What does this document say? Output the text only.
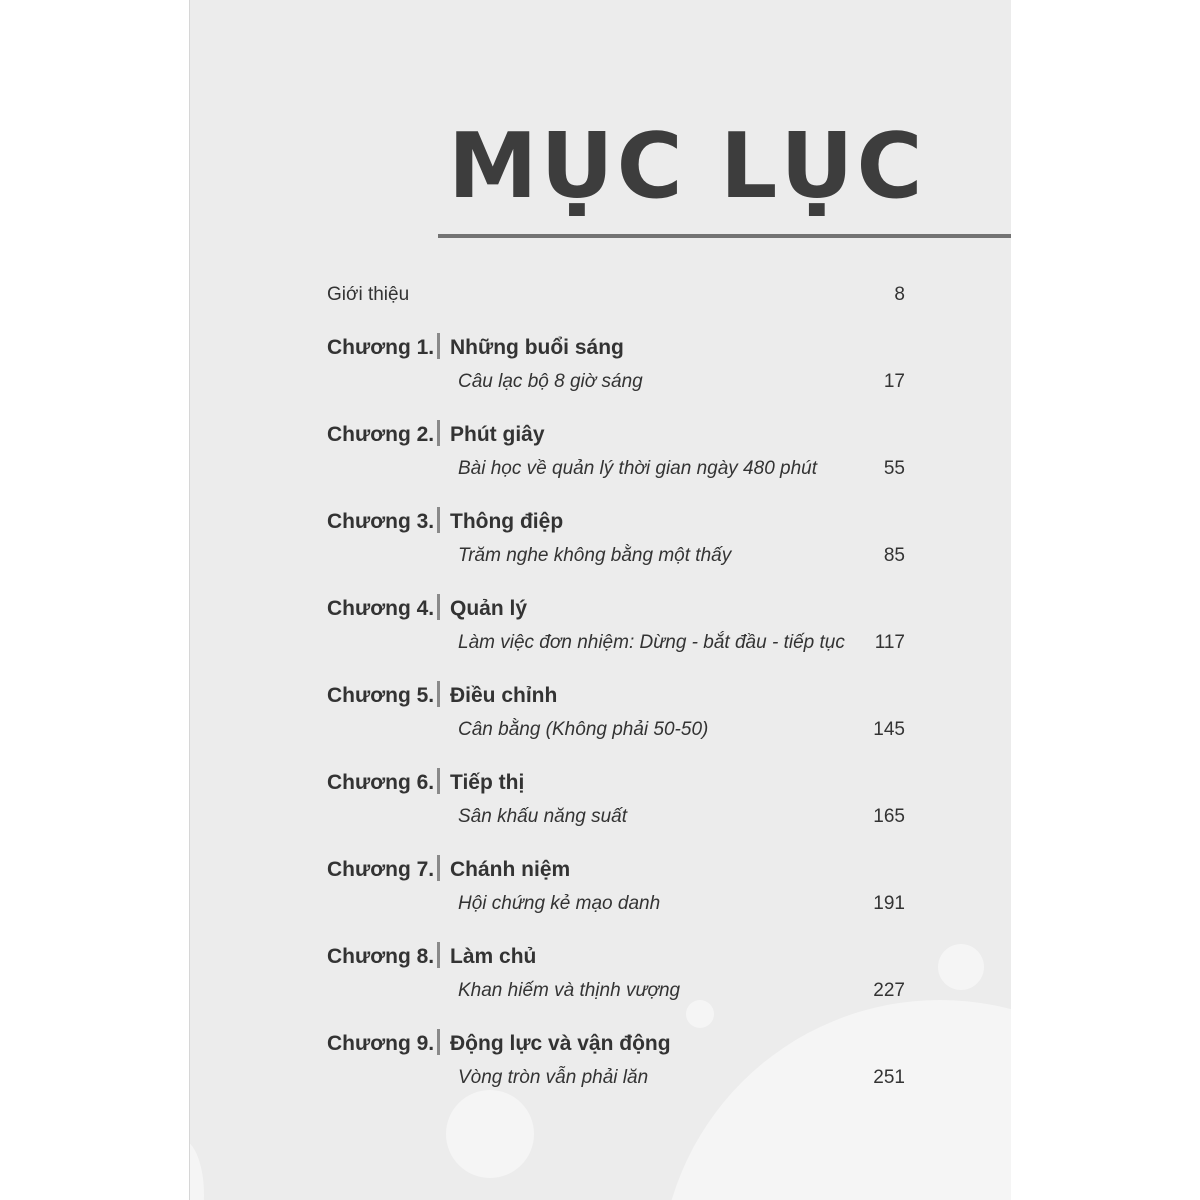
MỤC LỤC
Giới thiệu	8
Chương 1. Những buổi sáng
Câu lạc bộ 8 giờ sáng	17
Chương 2. Phút giây
Bài học về quản lý thời gian ngày 480 phút	55
Chương 3. Thông điệp
Trăm nghe không bằng một thấy	85
Chương 4. Quản lý
Làm việc đơn nhiệm: Dừng - bắt đầu - tiếp tục 117
Chương 5. Điều chỉnh
Cân bằng (Không phải 50-50)	145
Chương 6. Tiếp thị
Sân khấu năng suất	165
Chương 7. Chánh niệm
Hội chứng kẻ mạo danh	191
Chương 8. Làm chủ
Khan hiếm và thịnh vượng	227
Chương 9. Động lực và vận động
Vòng tròn vẫn phải lăn	251
